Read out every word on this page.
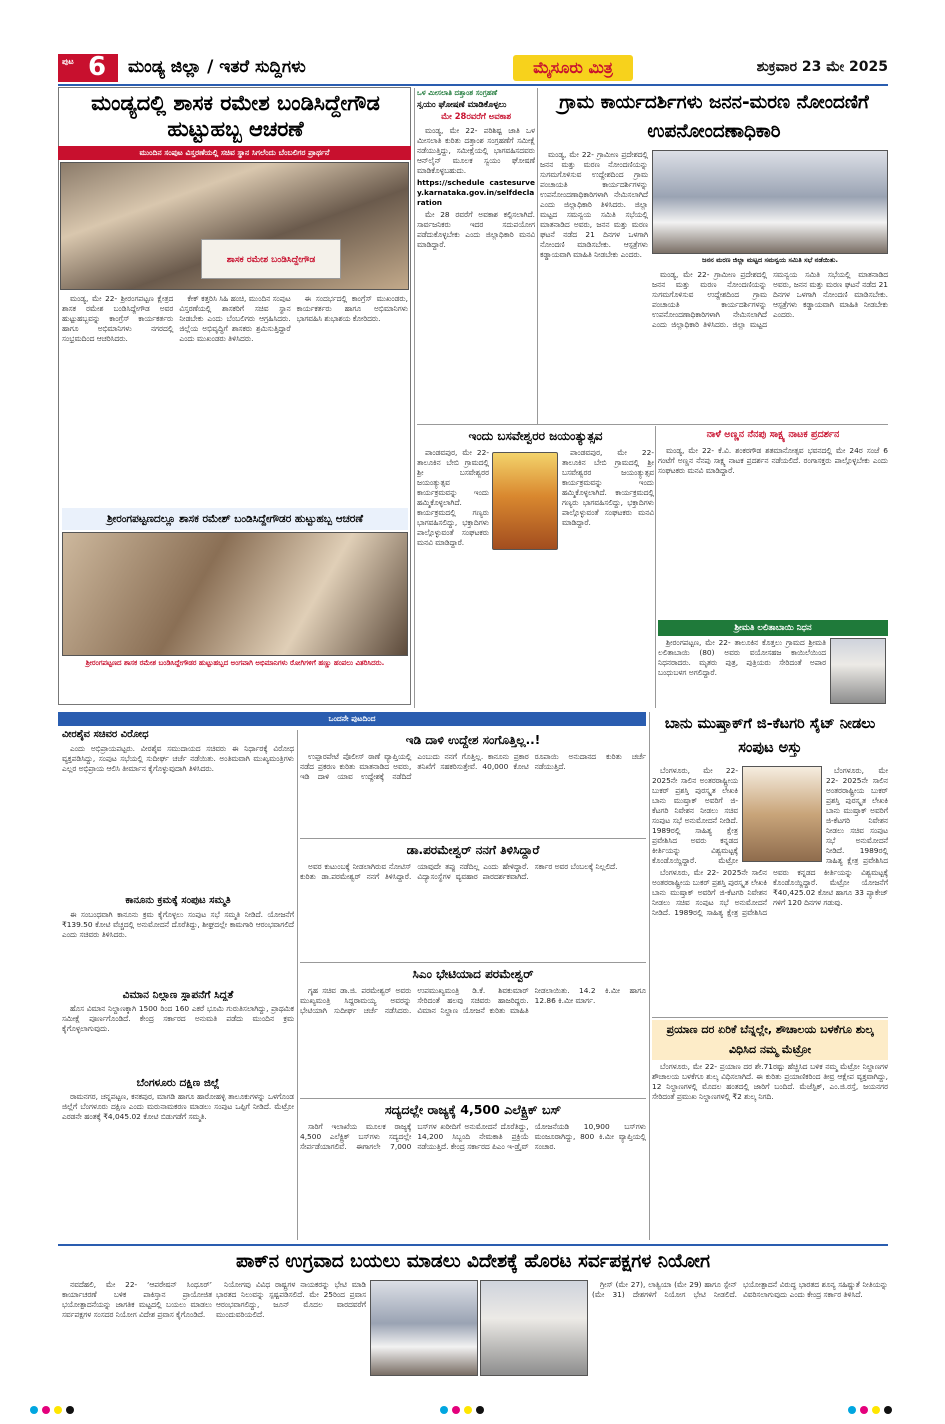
ಪುಟ 6 ಮಂಡ್ಯ ಜಿಲ್ಲಾ / ಇತರೆ ಸುದ್ದಿಗಳು	ಮೈಸೂರು ಮಿತ್ರ	ಶುಕ್ರವಾರ 23 ಮೇ 2025
ಮಂಡ್ಯದಲ್ಲಿ ಶಾಸಕ ರಮೇಶ ಬಂಡಿಸಿದ್ದೇಗೌಡ ಹುಟ್ಟುಹಬ್ಬ ಆಚರಣೆ
ಮುಂದಿನ ಸಂಪುಟ ವಿಸ್ತರಣೆಯಲ್ಲಿ ಸಚಿವ ಸ್ಥಾನ ಸಿಗಲೆಂದು ಬೆಂಬಲಿಗರ ಪ್ರಾರ್ಥನೆ
ಶಾಸಕ ರಮೇಶ ಬಂಡಿಸಿದ್ದೇಗೌಡ

ಮಂಡ್ಯ, ಮೇ 22- ಶ್ರೀರಂಗಪಟ್ಟಣ ಕ್ಷೇತ್ರದ ಶಾಸಕ ರಮೇಶ ಬಂಡಿಸಿದ್ದೇಗೌಡ ಅವರ ಹುಟ್ಟುಹಬ್ಬವನ್ನು ಕಾಂಗ್ರೆಸ್ ಕಾರ್ಯಕರ್ತರು ಹಾಗೂ ಅಭಿಮಾನಿಗಳು ನಗರದಲ್ಲಿ ಸಂಭ್ರಮದಿಂದ ಆಚರಿಸಿದರು.

ಕೇಕ್ ಕತ್ತರಿಸಿ ಸಿಹಿ ಹಂಚಿ, ಮುಂದಿನ ಸಂಪುಟ ವಿಸ್ತರಣೆಯಲ್ಲಿ ಶಾಸಕರಿಗೆ ಸಚಿವ ಸ್ಥಾನ ನೀಡಬೇಕು ಎಂದು ಬೆಂಬಲಿಗರು ಆಗ್ರಹಿಸಿದರು. ಜಿಲ್ಲೆಯ ಅಭಿವೃದ್ಧಿಗೆ ಶಾಸಕರು ಶ್ರಮಿಸುತ್ತಿದ್ದಾರೆ ಎಂದು ಮುಖಂಡರು ತಿಳಿಸಿದರು.

ಈ ಸಂದರ್ಭದಲ್ಲಿ ಕಾಂಗ್ರೆಸ್ ಮುಖಂಡರು, ಕಾರ್ಯಕರ್ತರು ಹಾಗೂ ಅಭಿಮಾನಿಗಳು ಭಾಗವಹಿಸಿ ಶುಭಾಶಯ ಕೋರಿದರು.

ಶ್ರೀರಂಗಪಟ್ಟಣದಲ್ಲೂ ಶಾಸಕ ರಮೇಶ್ ಬಂಡಿಸಿದ್ದೇಗೌಡರ ಹುಟ್ಟುಹಬ್ಬ ಆಚರಣೆ
ಶ್ರೀರಂಗಪಟ್ಟಣದ ಶಾಸಕ ರಮೇಶ ಬಂಡಿಸಿದ್ದೇಗೌಡರ ಹುಟ್ಟುಹಬ್ಬದ ಅಂಗವಾಗಿ ಅಭಿಮಾನಿಗಳು ರೋಗಿಗಳಿಗೆ ಹಣ್ಣು ಹಂಪಲು ವಿತರಿಸಿದರು.
ಒಳ ಮೀಸಲಾತಿ ದತ್ತಾಂಶ ಸಂಗ್ರಹಣೆ
ಸ್ವಯಂ ಘೋಷಣೆ ಮಾಡಿಕೊಳ್ಳಲು
ಮೇ 28ರವರೆಗೆ ಅವಕಾಶ

ಮಂಡ್ಯ, ಮೇ 22- ಪರಿಶಿಷ್ಟ ಜಾತಿ ಒಳ ಮೀಸಲಾತಿ ಕುರಿತು ದತ್ತಾಂಶ ಸಂಗ್ರಹಣೆಗೆ ಸಮೀಕ್ಷೆ ನಡೆಯುತ್ತಿದ್ದು, ಸಮೀಕ್ಷೆಯಲ್ಲಿ ಭಾಗವಹಿಸದವರು ಆನ್‌ಲೈನ್ ಮೂಲಕ ಸ್ವಯಂ ಘೋಷಣೆ ಮಾಡಿಕೊಳ್ಳಬಹುದು.

https://schedule castesurvey.karnataka.gov.in/selfdeclaration

ಮೇ 28 ರವರೆಗೆ ಅವಕಾಶ ಕಲ್ಪಿಸಲಾಗಿದೆ. ಸಾರ್ವಜನಿಕರು ಇದರ ಸದುಪಯೋಗ ಪಡೆದುಕೊಳ್ಳಬೇಕು ಎಂದು ಜಿಲ್ಲಾಧಿಕಾರಿ ಮನವಿ ಮಾಡಿದ್ದಾರೆ.

ಇಂದು ಬಸವೇಶ್ವರರ ಜಯಂತ್ಯುತ್ಸವ

ಪಾಂಡವಪುರ, ಮೇ 22- ತಾಲೂಕಿನ ಬೇಬಿ ಗ್ರಾಮದಲ್ಲಿ ಶ್ರೀ ಬಸವೇಶ್ವರರ ಜಯಂತ್ಯುತ್ಸವ ಕಾರ್ಯಕ್ರಮವನ್ನು ಇಂದು ಹಮ್ಮಿಕೊಳ್ಳಲಾಗಿದೆ. ಕಾರ್ಯಕ್ರಮದಲ್ಲಿ ಗಣ್ಯರು ಭಾಗವಹಿಸಲಿದ್ದು, ಭಕ್ತಾದಿಗಳು ಪಾಲ್ಗೊಳ್ಳುವಂತೆ ಸಂಘಟಕರು ಮನವಿ ಮಾಡಿದ್ದಾರೆ.

ಪಾಂಡವಪುರ, ಮೇ 22- ತಾಲೂಕಿನ ಬೇಬಿ ಗ್ರಾಮದಲ್ಲಿ ಶ್ರೀ ಬಸವೇಶ್ವರರ ಜಯಂತ್ಯುತ್ಸವ ಕಾರ್ಯಕ್ರಮವನ್ನು ಇಂದು ಹಮ್ಮಿಕೊಳ್ಳಲಾಗಿದೆ. ಕಾರ್ಯಕ್ರಮದಲ್ಲಿ ಗಣ್ಯರು ಭಾಗವಹಿಸಲಿದ್ದು, ಭಕ್ತಾದಿಗಳು ಪಾಲ್ಗೊಳ್ಳುವಂತೆ ಸಂಘಟಕರು ಮನವಿ ಮಾಡಿದ್ದಾರೆ.

ಗ್ರಾಮ ಕಾರ್ಯದರ್ಶಿಗಳು ಜನನ-ಮರಣ ನೋಂದಣಿಗೆ ಉಪನೋಂದಣಾಧಿಕಾರಿ

ಮಂಡ್ಯ, ಮೇ 22- ಗ್ರಾಮೀಣ ಪ್ರದೇಶದಲ್ಲಿ ಜನನ ಮತ್ತು ಮರಣ ನೋಂದಣಿಯನ್ನು ಸುಗಮಗೊಳಿಸುವ ಉದ್ದೇಶದಿಂದ ಗ್ರಾಮ ಪಂಚಾಯತಿ ಕಾರ್ಯದರ್ಶಿಗಳನ್ನು ಉಪನೋಂದಣಾಧಿಕಾರಿಗಳಾಗಿ ನೇಮಿಸಲಾಗಿದೆ ಎಂದು ಜಿಲ್ಲಾಧಿಕಾರಿ ತಿಳಿಸಿದರು. ಜಿಲ್ಲಾ ಮಟ್ಟದ ಸಮನ್ವಯ ಸಮಿತಿ ಸಭೆಯಲ್ಲಿ ಮಾತನಾಡಿದ ಅವರು, ಜನನ ಮತ್ತು ಮರಣ ಘಟನೆ ನಡೆದ 21 ದಿನಗಳ ಒಳಗಾಗಿ ನೋಂದಣಿ ಮಾಡಿಸಬೇಕು. ಆಸ್ಪತ್ರೆಗಳು ಕಡ್ಡಾಯವಾಗಿ ಮಾಹಿತಿ ನೀಡಬೇಕು ಎಂದರು.

ಜನನ ಮರಣ ಜಿಲ್ಲಾ ಮಟ್ಟದ ಸಮನ್ವಯ ಸಮಿತಿ ಸಭೆ ನಡೆಯಿತು.

ಮಂಡ್ಯ, ಮೇ 22- ಗ್ರಾಮೀಣ ಪ್ರದೇಶದಲ್ಲಿ ಜನನ ಮತ್ತು ಮರಣ ನೋಂದಣಿಯನ್ನು ಸುಗಮಗೊಳಿಸುವ ಉದ್ದೇಶದಿಂದ ಗ್ರಾಮ ಪಂಚಾಯತಿ ಕಾರ್ಯದರ್ಶಿಗಳನ್ನು ಉಪನೋಂದಣಾಧಿಕಾರಿಗಳಾಗಿ ನೇಮಿಸಲಾಗಿದೆ ಎಂದು ಜಿಲ್ಲಾಧಿಕಾರಿ ತಿಳಿಸಿದರು. ಜಿಲ್ಲಾ ಮಟ್ಟದ ಸಮನ್ವಯ ಸಮಿತಿ ಸಭೆಯಲ್ಲಿ ಮಾತನಾಡಿದ ಅವರು, ಜನನ ಮತ್ತು ಮರಣ ಘಟನೆ ನಡೆದ 21 ದಿನಗಳ ಒಳಗಾಗಿ ನೋಂದಣಿ ಮಾಡಿಸಬೇಕು. ಆಸ್ಪತ್ರೆಗಳು ಕಡ್ಡಾಯವಾಗಿ ಮಾಹಿತಿ ನೀಡಬೇಕು ಎಂದರು.

ನಾಳೆ ಅಣ್ಣನ ನೆನಪು ಸಾಕ್ಷ್ಯ ನಾಟಕ ಪ್ರದರ್ಶನ

ಮಂಡ್ಯ, ಮೇ 22- ಕೆ.ವಿ. ಶಂಕರಗೌಡ ಶತಮಾನೋತ್ಸವ ಭವನದಲ್ಲಿ ಮೇ 24ರ ಸಂಜೆ 6 ಗಂಟೆಗೆ ಅಣ್ಣನ ನೆನಪು ಸಾಕ್ಷ್ಯ ನಾಟಕ ಪ್ರದರ್ಶನ ನಡೆಯಲಿದೆ. ರಂಗಾಸಕ್ತರು ಪಾಲ್ಗೊಳ್ಳಬೇಕು ಎಂದು ಸಂಘಟಕರು ಮನವಿ ಮಾಡಿದ್ದಾರೆ.

ಶ್ರೀಮತಿ ಲಲಿತಾಬಾಯಿ ನಿಧನ

ಶ್ರೀರಂಗಪಟ್ಟಣ, ಮೇ 22- ತಾಲೂಕಿನ ಕೊತ್ತಲು ಗ್ರಾಮದ ಶ್ರೀಮತಿ ಲಲಿತಾಬಾಯಿ (80) ಅವರು ವಯೋಸಹಜ ಕಾಯಿಲೆಯಿಂದ ನಿಧನರಾದರು. ಮೃತರು ಪುತ್ರ, ಪುತ್ರಿಯರು ಸೇರಿದಂತೆ ಅಪಾರ ಬಂಧುಬಳಗ ಅಗಲಿದ್ದಾರೆ.

ಒಂದನೇ ಪುಟದಿಂದ
ವೀರಶೈವ ಸಚಿವರ ವಿರೋಧ

ಎಂದು ಅಭಿಪ್ರಾಯಪಟ್ಟರು. ವೀರಶೈವ ಸಮುದಾಯದ ಸಚಿವರು ಈ ನಿರ್ಧಾರಕ್ಕೆ ವಿರೋಧ ವ್ಯಕ್ತಪಡಿಸಿದ್ದು, ಸಂಪುಟ ಸಭೆಯಲ್ಲಿ ಸುದೀರ್ಘ ಚರ್ಚೆ ನಡೆಯಿತು. ಅಂತಿಮವಾಗಿ ಮುಖ್ಯಮಂತ್ರಿಗಳು ಎಲ್ಲರ ಅಭಿಪ್ರಾಯ ಆಲಿಸಿ ತೀರ್ಮಾನ ಕೈಗೊಳ್ಳುವುದಾಗಿ ತಿಳಿಸಿದರು.

ಕಾನೂನು ಕ್ರಮಕ್ಕೆ ಸಂಪುಟ ಸಮ್ಮತಿ

ಈ ಸಂಬಂಧವಾಗಿ ಕಾನೂನು ಕ್ರಮ ಕೈಗೊಳ್ಳಲು ಸಂಪುಟ ಸಭೆ ಸಮ್ಮತಿ ನೀಡಿದೆ. ಯೋಜನೆಗೆ ₹139.50 ಕೋಟಿ ವೆಚ್ಚದಲ್ಲಿ ಅನುಮೋದನೆ ದೊರೆತಿದ್ದು, ಶೀಘ್ರದಲ್ಲೇ ಕಾಮಗಾರಿ ಆರಂಭವಾಗಲಿದೆ ಎಂದು ಸಚಿವರು ತಿಳಿಸಿದರು.

ವಿಮಾನ ನಿಲ್ದಾಣ ಸ್ಥಾಪನೆಗೆ ಸಿದ್ಧತೆ

ಹೊಸ ವಿಮಾನ ನಿಲ್ದಾಣಕ್ಕಾಗಿ 1500 ರಿಂದ 160 ಎಕರೆ ಭೂಮಿ ಗುರುತಿಸಲಾಗಿದ್ದು, ಪ್ರಾಥಮಿಕ ಸಮೀಕ್ಷೆ ಪೂರ್ಣಗೊಂಡಿದೆ. ಕೇಂದ್ರ ಸರ್ಕಾರದ ಅನುಮತಿ ಪಡೆದು ಮುಂದಿನ ಕ್ರಮ ಕೈಗೊಳ್ಳಲಾಗುವುದು.

ಬೆಂಗಳೂರು ದಕ್ಷಿಣ ಜಿಲ್ಲೆ

ರಾಮನಗರ, ಚನ್ನಪಟ್ಟಣ, ಕನಕಪುರ, ಮಾಗಡಿ ಹಾಗೂ ಹಾರೋಹಳ್ಳಿ ತಾಲೂಕುಗಳನ್ನು ಒಳಗೊಂಡ ಜಿಲ್ಲೆಗೆ ಬೆಂಗಳೂರು ದಕ್ಷಿಣ ಎಂದು ಮರುನಾಮಕರಣ ಮಾಡಲು ಸಂಪುಟ ಒಪ್ಪಿಗೆ ನೀಡಿದೆ. ಮೆಟ್ರೋ ಎರಡನೇ ಹಂತಕ್ಕೆ ₹4,045.02 ಕೋಟಿ ಬಿಡುಗಡೆಗೆ ಸಮ್ಮತಿ.

ಇಡಿ ದಾಳಿ ಉದ್ದೇಶ ಸಂಗೊತ್ತಿಲ್ಲ..!

ಉಪ್ಪಾರಪೇಟೆ ಪೊಲೀಸ್ ಠಾಣೆ ವ್ಯಾಪ್ತಿಯಲ್ಲಿ ನಡೆದ ಪ್ರಕರಣ ಕುರಿತು ಮಾತನಾಡಿದ ಅವರು, ಇಡಿ ದಾಳಿ ಯಾವ ಉದ್ದೇಶಕ್ಕೆ ನಡೆದಿದೆ ಎಂಬುದು ನನಗೆ ಗೊತ್ತಿಲ್ಲ. ಕಾನೂನು ಪ್ರಕಾರ ತನಿಖೆಗೆ ಸಹಕರಿಸುತ್ತೇವೆ. 40,000 ಕೋಟಿ ರೂಪಾಯಿ ಅನುದಾನದ ಕುರಿತು ಚರ್ಚೆ ನಡೆಯುತ್ತಿದೆ.

ಡಾ.ಪರಮೇಶ್ವರ್ ನನಗೆ ತಿಳಿಸಿದ್ದಾರೆ

ಅವರ ಕುಟುಂಬಕ್ಕೆ ನೀಡಲಾಗಿರುವ ನೋಟಿಸ್ ಕುರಿತು ಡಾ.ಪರಮೇಶ್ವರ್ ನನಗೆ ತಿಳಿಸಿದ್ದಾರೆ. ಯಾವುದೇ ತಪ್ಪು ನಡೆದಿಲ್ಲ ಎಂದು ಹೇಳಿದ್ದಾರೆ. ವಿದ್ಯಾಸಂಸ್ಥೆಗಳ ವ್ಯವಹಾರ ಪಾರದರ್ಶಕವಾಗಿದೆ. ಸರ್ಕಾರ ಅವರ ಬೆಂಬಲಕ್ಕೆ ನಿಲ್ಲಲಿದೆ.

ಸಿಎಂ ಭೇಟಿಯಾದ ಪರಮೇಶ್ವರ್

ಗೃಹ ಸಚಿವ ಡಾ.ಜಿ. ಪರಮೇಶ್ವರ್ ಅವರು ಮುಖ್ಯಮಂತ್ರಿ ಸಿದ್ದರಾಮಯ್ಯ ಅವರನ್ನು ಭೇಟಿಯಾಗಿ ಸುದೀರ್ಘ ಚರ್ಚೆ ನಡೆಸಿದರು. ಉಪಮುಖ್ಯಮಂತ್ರಿ ಡಿ.ಕೆ. ಶಿವಕುಮಾರ್ ಸೇರಿದಂತೆ ಹಲವು ಸಚಿವರು ಹಾಜರಿದ್ದರು. ವಿಮಾನ ನಿಲ್ದಾಣ ಯೋಜನೆ ಕುರಿತು ಮಾಹಿತಿ ನೀಡಲಾಯಿತು. 14.2 ಕಿ.ಮೀ ಹಾಗೂ 12.86 ಕಿ.ಮೀ ಮಾರ್ಗ.

ಸದ್ಯದಲ್ಲೇ ರಾಜ್ಯಕ್ಕೆ 4,500 ಎಲೆಕ್ಟ್ರಿಕ್ ಬಸ್

ಸಾರಿಗೆ ಇಲಾಖೆಯ ಮೂಲಕ ರಾಜ್ಯಕ್ಕೆ 4,500 ಎಲೆಕ್ಟ್ರಿಕ್ ಬಸ್‌ಗಳು ಸದ್ಯದಲ್ಲೇ ಸೇರ್ಪಡೆಯಾಗಲಿವೆ. ಈಗಾಗಲೇ 7,000 ಬಸ್‌ಗಳ ಖರೀದಿಗೆ ಅನುಮೋದನೆ ದೊರೆತಿದ್ದು, 14,200 ಸಿಬ್ಬಂದಿ ನೇಮಕಾತಿ ಪ್ರಕ್ರಿಯೆ ನಡೆಯುತ್ತಿದೆ. ಕೇಂದ್ರ ಸರ್ಕಾರದ ಪಿಎಂ ಇ-ಡ್ರೈವ್ ಯೋಜನೆಯಡಿ 10,900 ಬಸ್‌ಗಳು ಮಂಜೂರಾಗಿದ್ದು, 800 ಕಿ.ಮೀ ವ್ಯಾಪ್ತಿಯಲ್ಲಿ ಸಂಚಾರ.

ಬಾನು ಮುಷ್ತಾಕ್‌ಗೆ ಜಿ-ಕೆಟಗರಿ ಸೈಟ್ ನೀಡಲು ಸಂಪುಟ ಅಸ್ತು

ಬೆಂಗಳೂರು, ಮೇ 22- 2025ನೇ ಸಾಲಿನ ಅಂತರರಾಷ್ಟ್ರೀಯ ಬುಕರ್ ಪ್ರಶಸ್ತಿ ಪುರಸ್ಕೃತ ಲೇಖಕಿ ಬಾನು ಮುಷ್ತಾಕ್ ಅವರಿಗೆ ಜಿ-ಕೆಟಗರಿ ನಿವೇಶನ ನೀಡಲು ಸಚಿವ ಸಂಪುಟ ಸಭೆ ಅನುಮೋದನೆ ನೀಡಿದೆ. 1989ರಲ್ಲಿ ಸಾಹಿತ್ಯ ಕ್ಷೇತ್ರ ಪ್ರವೇಶಿಸಿದ ಅವರು ಕನ್ನಡದ ಕೀರ್ತಿಯನ್ನು ವಿಶ್ವಮಟ್ಟಕ್ಕೆ ಕೊಂಡೊಯ್ದಿದ್ದಾರೆ. ಮೆಟ್ರೋ

ಬೆಂಗಳೂರು, ಮೇ 22- 2025ನೇ ಸಾಲಿನ ಅಂತರರಾಷ್ಟ್ರೀಯ ಬುಕರ್ ಪ್ರಶಸ್ತಿ ಪುರಸ್ಕೃತ ಲೇಖಕಿ ಬಾನು ಮುಷ್ತಾಕ್ ಅವರಿಗೆ ಜಿ-ಕೆಟಗರಿ ನಿವೇಶನ ನೀಡಲು ಸಚಿವ ಸಂಪುಟ ಸಭೆ ಅನುಮೋದನೆ ನೀಡಿದೆ. 1989ರಲ್ಲಿ ಸಾಹಿತ್ಯ ಕ್ಷೇತ್ರ ಪ್ರವೇಶಿಸಿದ

ಬೆಂಗಳೂರು, ಮೇ 22- 2025ನೇ ಸಾಲಿನ ಅಂತರರಾಷ್ಟ್ರೀಯ ಬುಕರ್ ಪ್ರಶಸ್ತಿ ಪುರಸ್ಕೃತ ಲೇಖಕಿ ಬಾನು ಮುಷ್ತಾಕ್ ಅವರಿಗೆ ಜಿ-ಕೆಟಗರಿ ನಿವೇಶನ ನೀಡಲು ಸಚಿವ ಸಂಪುಟ ಸಭೆ ಅನುಮೋದನೆ ನೀಡಿದೆ. 1989ರಲ್ಲಿ ಸಾಹಿತ್ಯ ಕ್ಷೇತ್ರ ಪ್ರವೇಶಿಸಿದ ಅವರು ಕನ್ನಡದ ಕೀರ್ತಿಯನ್ನು ವಿಶ್ವಮಟ್ಟಕ್ಕೆ ಕೊಂಡೊಯ್ದಿದ್ದಾರೆ. ಮೆಟ್ರೋ ಯೋಜನೆಗೆ ₹40,425.02 ಕೋಟಿ ಹಾಗೂ 33 ಪ್ಯಾಕೇಜ್ ಗಳಿಗೆ 120 ದಿನಗಳ ಗಡುವು.

ಪ್ರಯಾಣ ದರ ಏರಿಕೆ ಬೆನ್ನಲ್ಲೇ, ಶೌಚಾಲಯ ಬಳಕೆಗೂ ಶುಲ್ಕ ವಿಧಿಸಿದ ನಮ್ಮ ಮೆಟ್ರೋ

ಬೆಂಗಳೂರು, ಮೇ 22- ಪ್ರಯಾಣ ದರ ಶೇ.71ರಷ್ಟು ಹೆಚ್ಚಿಸಿದ ಬಳಿಕ ನಮ್ಮ ಮೆಟ್ರೋ ನಿಲ್ದಾಣಗಳ ಶೌಚಾಲಯ ಬಳಕೆಗೂ ಶುಲ್ಕ ವಿಧಿಸಲಾಗಿದೆ. ಈ ಕುರಿತು ಪ್ರಯಾಣಿಕರಿಂದ ತೀವ್ರ ಆಕ್ಷೇಪ ವ್ಯಕ್ತವಾಗಿದ್ದು, 12 ನಿಲ್ದಾಣಗಳಲ್ಲಿ ಮೊದಲ ಹಂತದಲ್ಲಿ ಜಾರಿಗೆ ಬಂದಿದೆ. ಮೆಜೆಸ್ಟಿಕ್, ಎಂ.ಜಿ.ರಸ್ತೆ, ಜಯನಗರ ಸೇರಿದಂತೆ ಪ್ರಮುಖ ನಿಲ್ದಾಣಗಳಲ್ಲಿ ₹2 ಶುಲ್ಕ ನಿಗದಿ.

ಪಾಕ್‌ನ ಉಗ್ರವಾದ ಬಯಲು ಮಾಡಲು ವಿದೇಶಕ್ಕೆ ಹೊರಟ ಸರ್ವಪಕ್ಷಗಳ ನಿಯೋಗ

ನವದೆಹಲಿ, ಮೇ 22- ‘ಆಪರೇಷನ್ ಸಿಂಧೂರ್’ ಕಾರ್ಯಾಚರಣೆ ಬಳಿಕ ಪಾಕಿಸ್ತಾನ ಪ್ರಾಯೋಜಿತ ಭಯೋತ್ಪಾದನೆಯನ್ನು ಜಾಗತಿಕ ಮಟ್ಟದಲ್ಲಿ ಬಯಲು ಮಾಡಲು ಸರ್ವಪಕ್ಷಗಳ ಸಂಸದರ ನಿಯೋಗ ವಿದೇಶ ಪ್ರವಾಸ ಕೈಗೊಂಡಿದೆ.

ನಿಯೋಗವು ವಿವಿಧ ರಾಷ್ಟ್ರಗಳ ನಾಯಕರನ್ನು ಭೇಟಿ ಮಾಡಿ ಭಾರತದ ನಿಲುವನ್ನು ಸ್ಪಷ್ಟಪಡಿಸಲಿದೆ. ಮೇ 25ರಿಂದ ಪ್ರವಾಸ ಆರಂಭವಾಗಲಿದ್ದು, ಜೂನ್ ಮೊದಲ ವಾರದವರೆಗೆ ಮುಂದುವರಿಯಲಿದೆ.

ಗ್ರೀಸ್ (ಮೇ 27), ಲಾತ್ವಿಯಾ (ಮೇ 29) ಹಾಗೂ ಸ್ಪೇನ್ (ಮೇ 31) ದೇಶಗಳಿಗೆ ನಿಯೋಗ ಭೇಟಿ ನೀಡಲಿದೆ. ಭಯೋತ್ಪಾದನೆ ವಿರುದ್ಧ ಭಾರತದ ಶೂನ್ಯ ಸಹಿಷ್ಣುತೆ ನೀತಿಯನ್ನು ವಿವರಿಸಲಾಗುವುದು ಎಂದು ಕೇಂದ್ರ ಸರ್ಕಾರ ತಿಳಿಸಿದೆ.
